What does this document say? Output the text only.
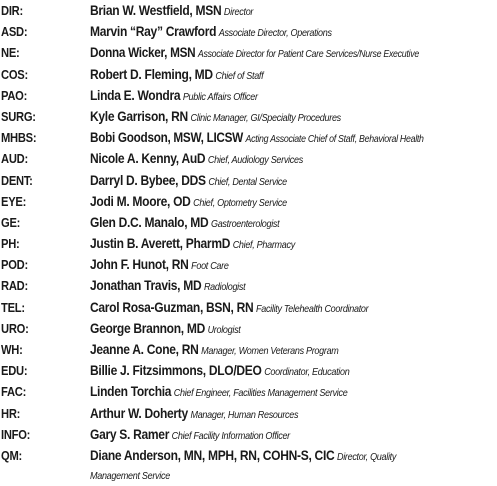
DIR:	Brian W. Westfield, MSN Director
ASD:	Marvin “Ray” Crawford Associate Director, Operations
NE:	Donna Wicker, MSN Associate Director for Patient Care Services/Nurse Executive
COS:	Robert D. Fleming, MD Chief of Staff
PAO:	Linda E. Wondra Public Affairs Officer
SURG:	Kyle Garrison, RN Clinic Manager, GI/Specialty Procedures
MHBS:	Bobi Goodson, MSW, LICSW Acting Associate Chief of Staff, Behavioral Health
AUD:	Nicole A. Kenny, AuD Chief, Audiology Services
DENT:	Darryl D. Bybee, DDS Chief, Dental Service
EYE:	Jodi M. Moore, OD Chief, Optometry Service
GE:	Glen D.C. Manalo, MD Gastroenterologist
PH:	Justin B. Averett, PharmD Chief, Pharmacy
POD:	John F. Hunot, RN Foot Care
RAD:	Jonathan Travis, MD Radiologist
TEL:	Carol Rosa-Guzman, BSN, RN Facility Telehealth Coordinator
URO:	George Brannon, MD Urologist
WH:	Jeanne A. Cone, RN Manager, Women Veterans Program
EDU:	Billie J. Fitzsimmons, DLO/DEO Coordinator, Education
FAC:	Linden Torchia Chief Engineer, Facilities Management Service
HR:	Arthur W. Doherty Manager, Human Resources
INFO:	Gary S. Ramer Chief Facility Information Officer
QM:	Diane Anderson, MN, MPH, RN, COHN-S, CIC Director, Quality
Management Service
